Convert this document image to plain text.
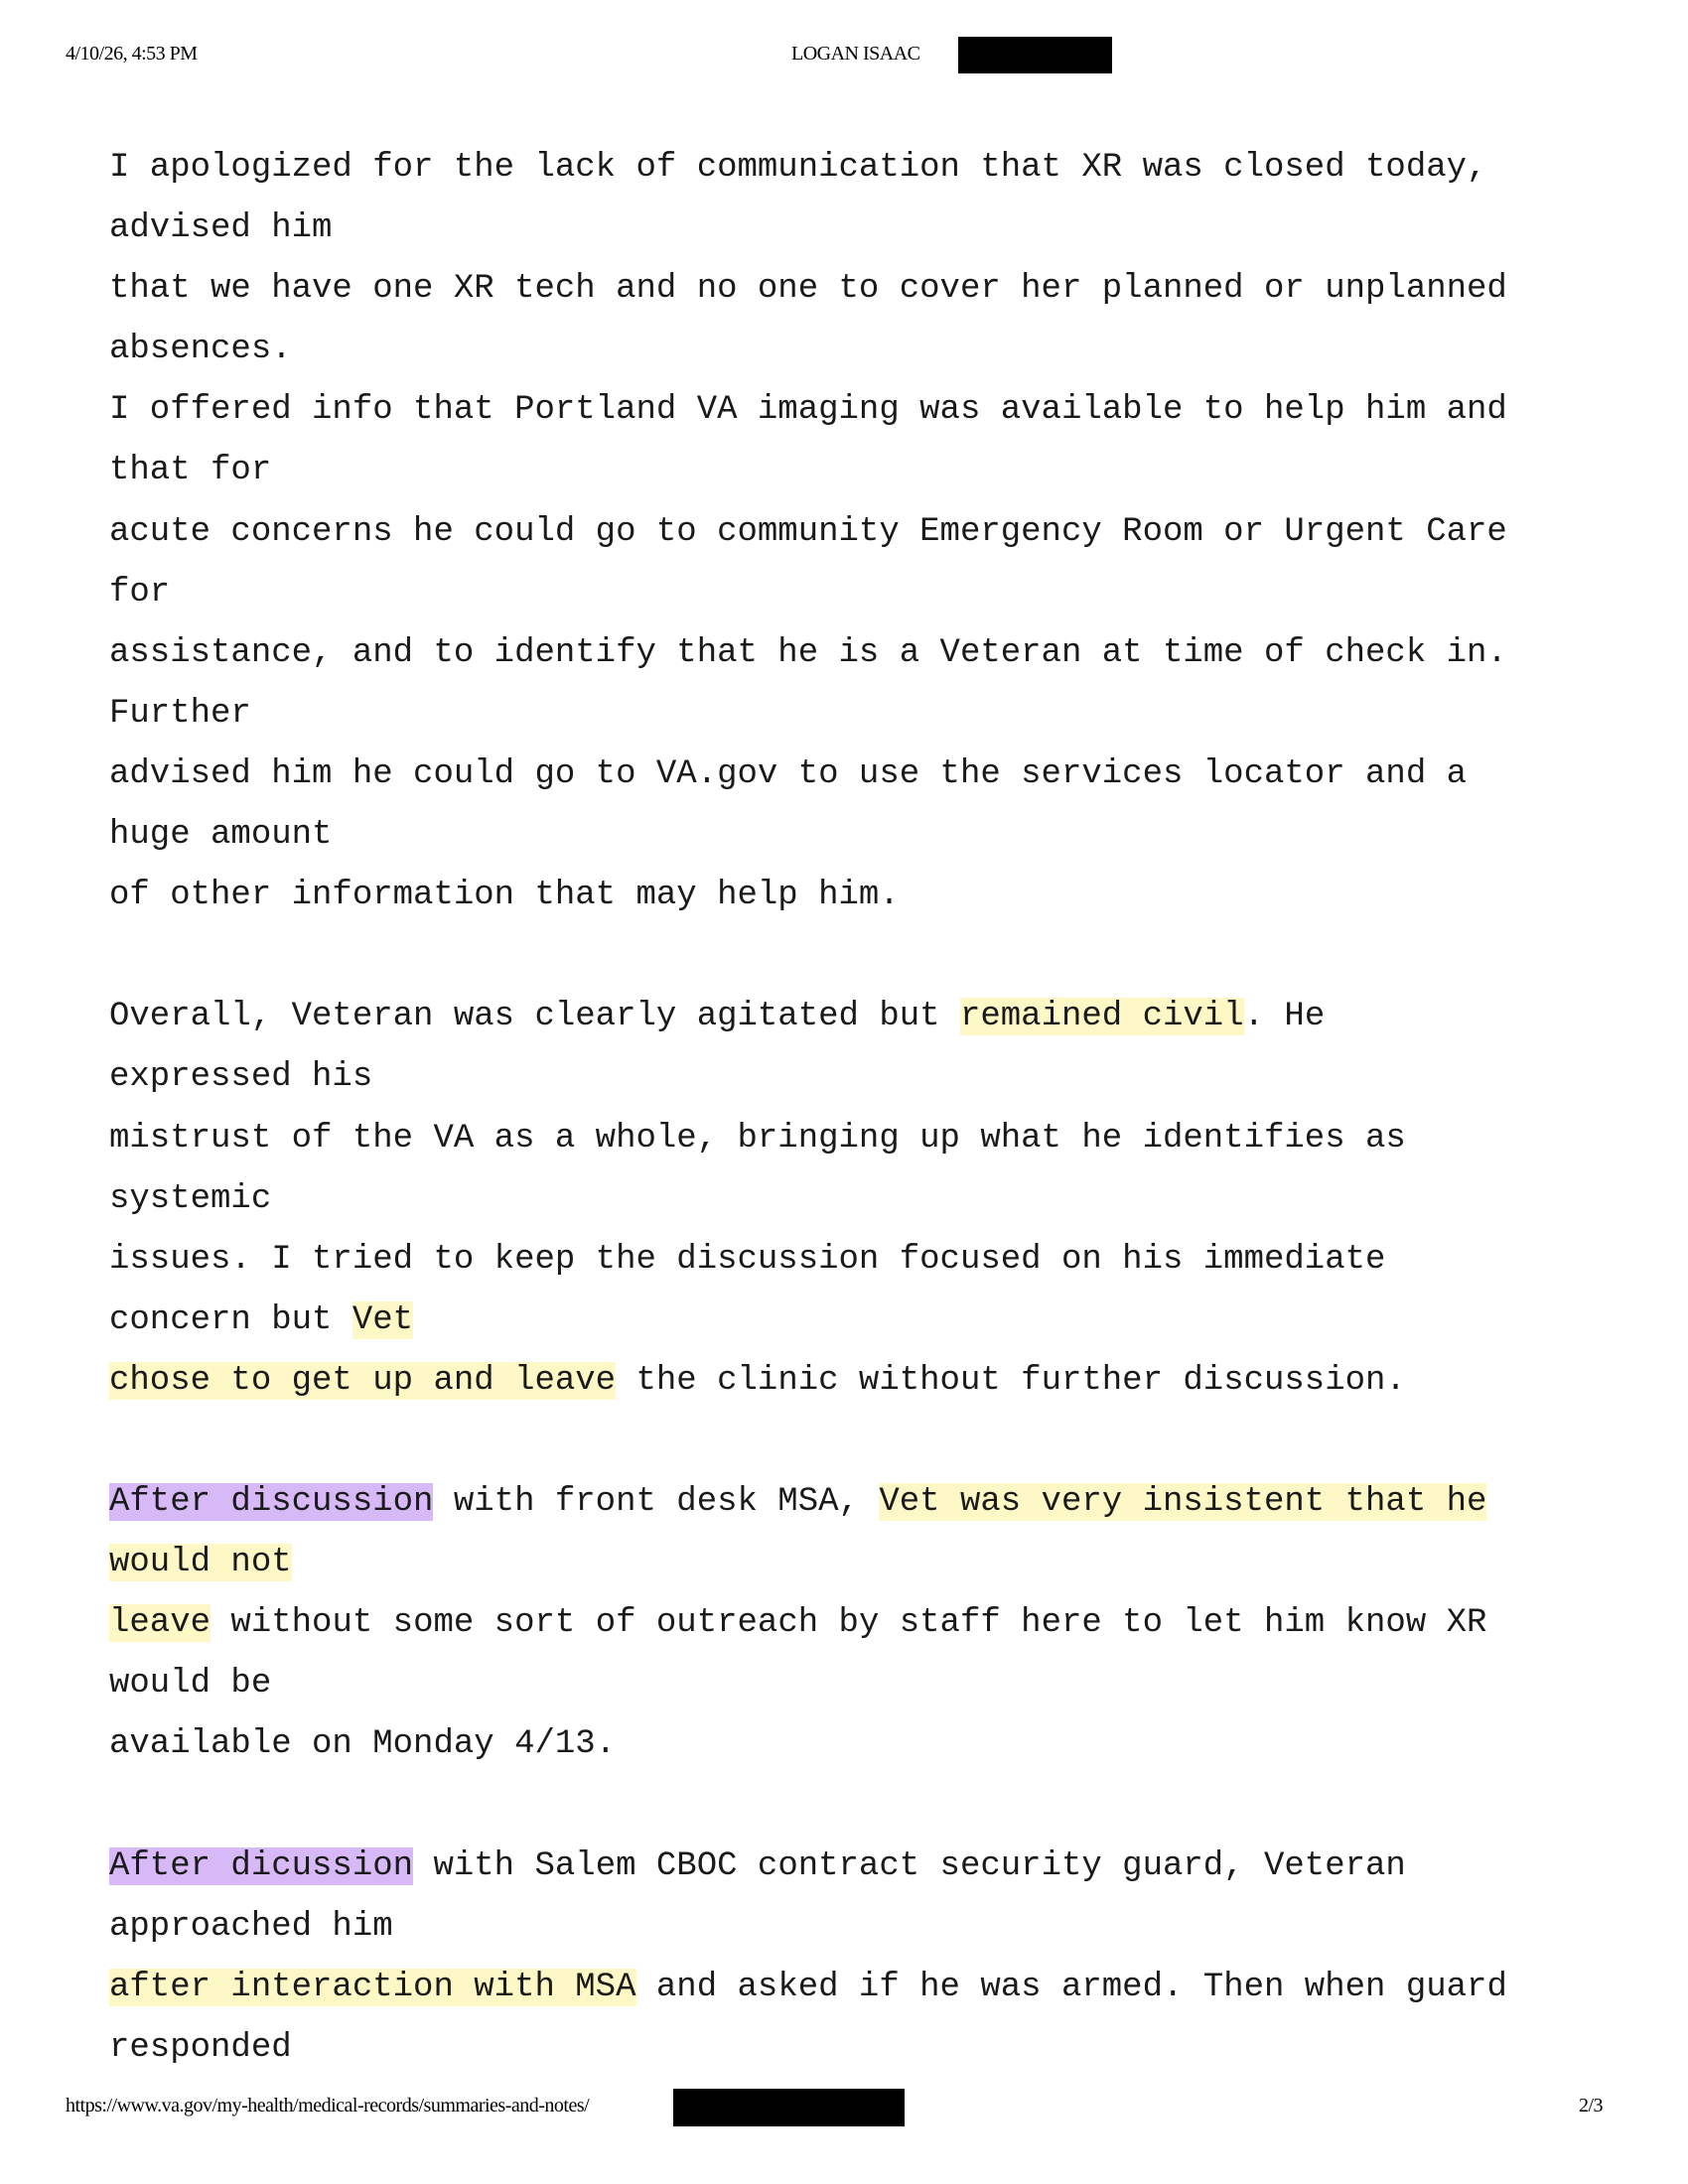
4/10/26, 4:53 PM	LOGAN ISAAC
I apologized for the lack of communication that XR was closed today,
advised him
that we have one XR tech and no one to cover her planned or unplanned
absences.
I offered info that Portland VA imaging was available to help him and
that for
acute concerns he could go to community Emergency Room or Urgent Care
for
assistance, and to identify that he is a Veteran at time of check in.
Further
advised him he could go to VA.gov to use the services locator and a
huge amount
of other information that may help him.
Overall, Veteran was clearly agitated but remained civil. He
expressed his
mistrust of the VA as a whole, bringing up what he identifies as
systemic
issues. I tried to keep the discussion focused on his immediate
concern but Vet
chose to get up and leave the clinic without further discussion.
After discussion with front desk MSA, Vet was very insistent that he
would not
leave without some sort of outreach by staff here to let him know XR
would be
available on Monday 4/13.
After dicussion with Salem CBOC contract security guard, Veteran
approached him
after interaction with MSA and asked if he was armed. Then when guard
responded
https://www.va.gov/my-health/medical-records/summaries-and-notes/	2/3
